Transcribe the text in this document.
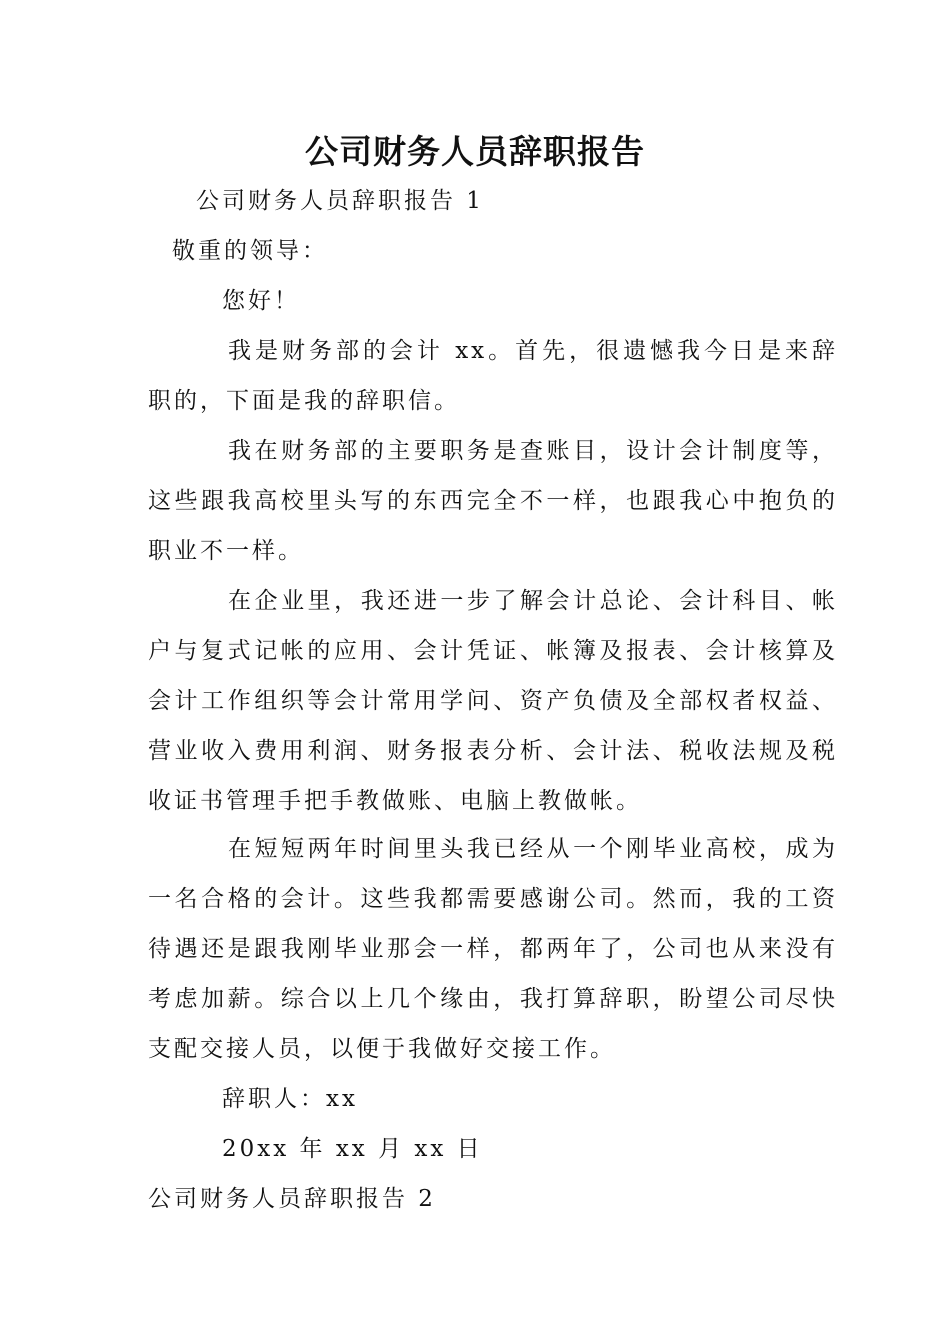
公司财务人员辞职报告
公司财务人员辞职报告 1
敬重的领导：
您好！
我是财务部的会计 xx。首先，很遗憾我今日是来辞职的，下面是我的辞职信。
我在财务部的主要职务是查账目，设计会计制度等，这些跟我高校里头写的东西完全不一样，也跟我心中抱负的职业不一样。
在企业里，我还进一步了解会计总论、会计科目、帐户与复式记帐的应用、会计凭证、帐簿及报表、会计核算及会计工作组织等会计常用学问、资产负债及全部权者权益、营业收入费用利润、财务报表分析、会计法、税收法规及税收证书管理手把手教做账、电脑上教做帐。
在短短两年时间里头我已经从一个刚毕业高校，成为一名合格的会计。这些我都需要感谢公司。然而，我的工资待遇还是跟我刚毕业那会一样，都两年了，公司也从来没有考虑加薪。综合以上几个缘由，我打算辞职，盼望公司尽快支配交接人员，以便于我做好交接工作。
辞职人：xx
20xx 年 xx 月 xx 日
公司财务人员辞职报告 2
